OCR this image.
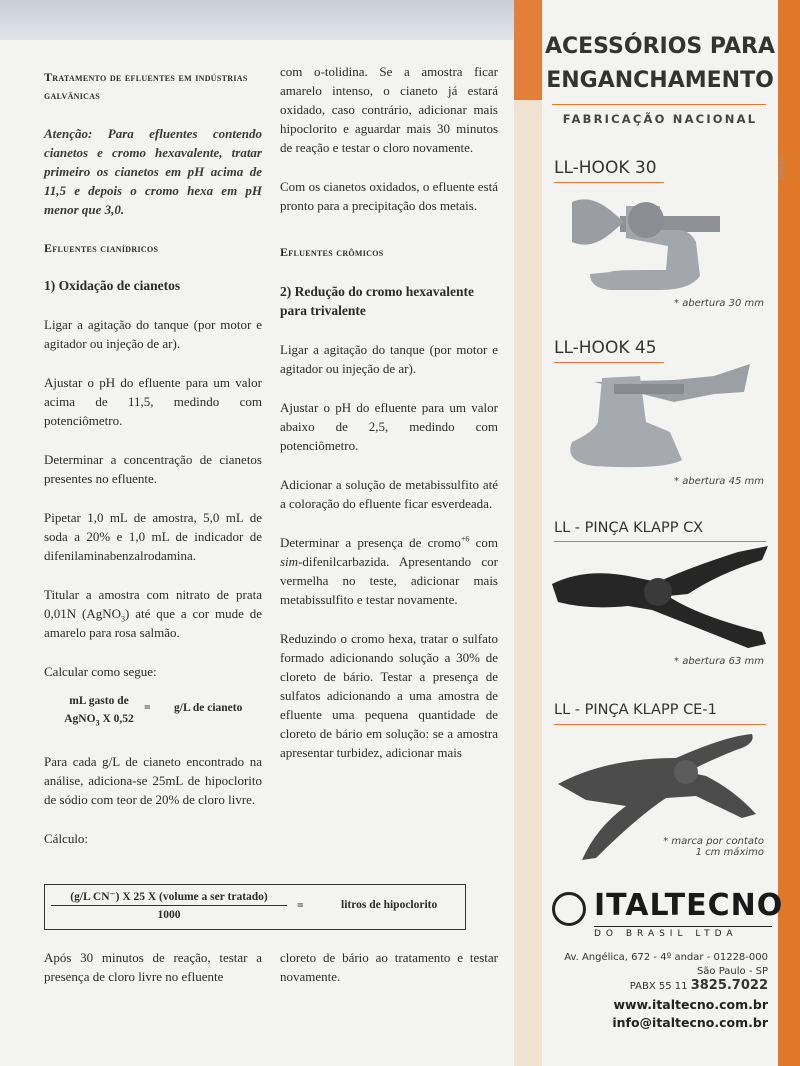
Tratamento de efluentes em indústrias galvânicas

Atenção: Para efluentes contendo cianetos e cromo hexavalente, tratar primeiro os cianetos em pH acima de 11,5 e depois o cromo hexa em pH menor que 3,0.

Efluentes cianídricos

1) Oxidação de cianetos

Ligar a agitação do tanque (por motor e agitador ou injeção de ar).

Ajustar o pH do efluente para um valor acima de 11,5, medindo com potenciômetro.

Determinar a concentração de cianetos presentes no efluente.

Pipetar 1,0 mL de amostra, 5,0 mL de soda a 20% e 1,0 mL de indicador de difenilaminabenzalrodamina.

Titular a amostra com nitrato de prata 0,01N (AgNO$_3$) até que a cor mude de amarelo para rosa salmão.

Calcular como segue:

mL gasto de
AgNO$_3$ X 0,52
= g/L de cianeto

Para cada g/L de cianeto encontrado na análise, adiciona-se 25mL de hipoclorito de sódio com teor de 20% de cloro livre.

Cálculo:

com o-tolidina. Se a amostra ficar amarelo intenso, o cianeto já estará oxidado, caso contrário, adicionar mais hipoclorito e aguardar mais 30 minutos de reação e testar o cloro novamente.

Com os cianetos oxidados, o efluente está pronto para a precipitação dos metais.

Efluentes crômicos

2) Redução do cromo hexavalente para trivalente

Ligar a agitação do tanque (por motor e agitador ou injeção de ar).

Ajustar o pH do efluente para um valor abaixo de 2,5, medindo com potenciômetro.

Adicionar a solução de metabissulfito até a coloração do efluente ficar esverdeada.

Determinar a presença de cromo$^{+6}$ com sim-difenilcarbazida. Apresentando cor vermelha no teste, adicionar mais metabissulfito e testar novamente.

Reduzindo o cromo hexa, tratar o sulfato formado adicionando solução a 30% de cloreto de bário. Testar a presença de sulfatos adicionando a uma amostra de efluente uma pequena quantidade de cloreto de bário em solução: se a amostra apresentar turbidez, adicionar mais

(g/L CN⁻) X 25 X (volume a ser tratado)
1000
=	litros de hipoclorito
Após 30 minutos de reação, testar a presença de cloro livre no efluente
cloreto de bário ao tratamento e testar novamente.
ACESSÓRIOS PARA
ENGANCHAMENTO
FABRICAÇÃO NACIONAL
Criativa
LL-HOOK 30
* abertura 30 mm
LL-HOOK 45
* abertura 45 mm
LL - PINÇA KLAPP CX
* abertura 63 mm
LL - PINÇA KLAPP CE-1
* marca por contato
1 cm máximo
ITALTECNO
DO BRASIL LTDA
Av. Angélica, 672 - 4º andar - 01228-000
São Paulo - SP
PABX 55 11 3825.7022
www.italtecno.com.br
info@italtecno.com.br
